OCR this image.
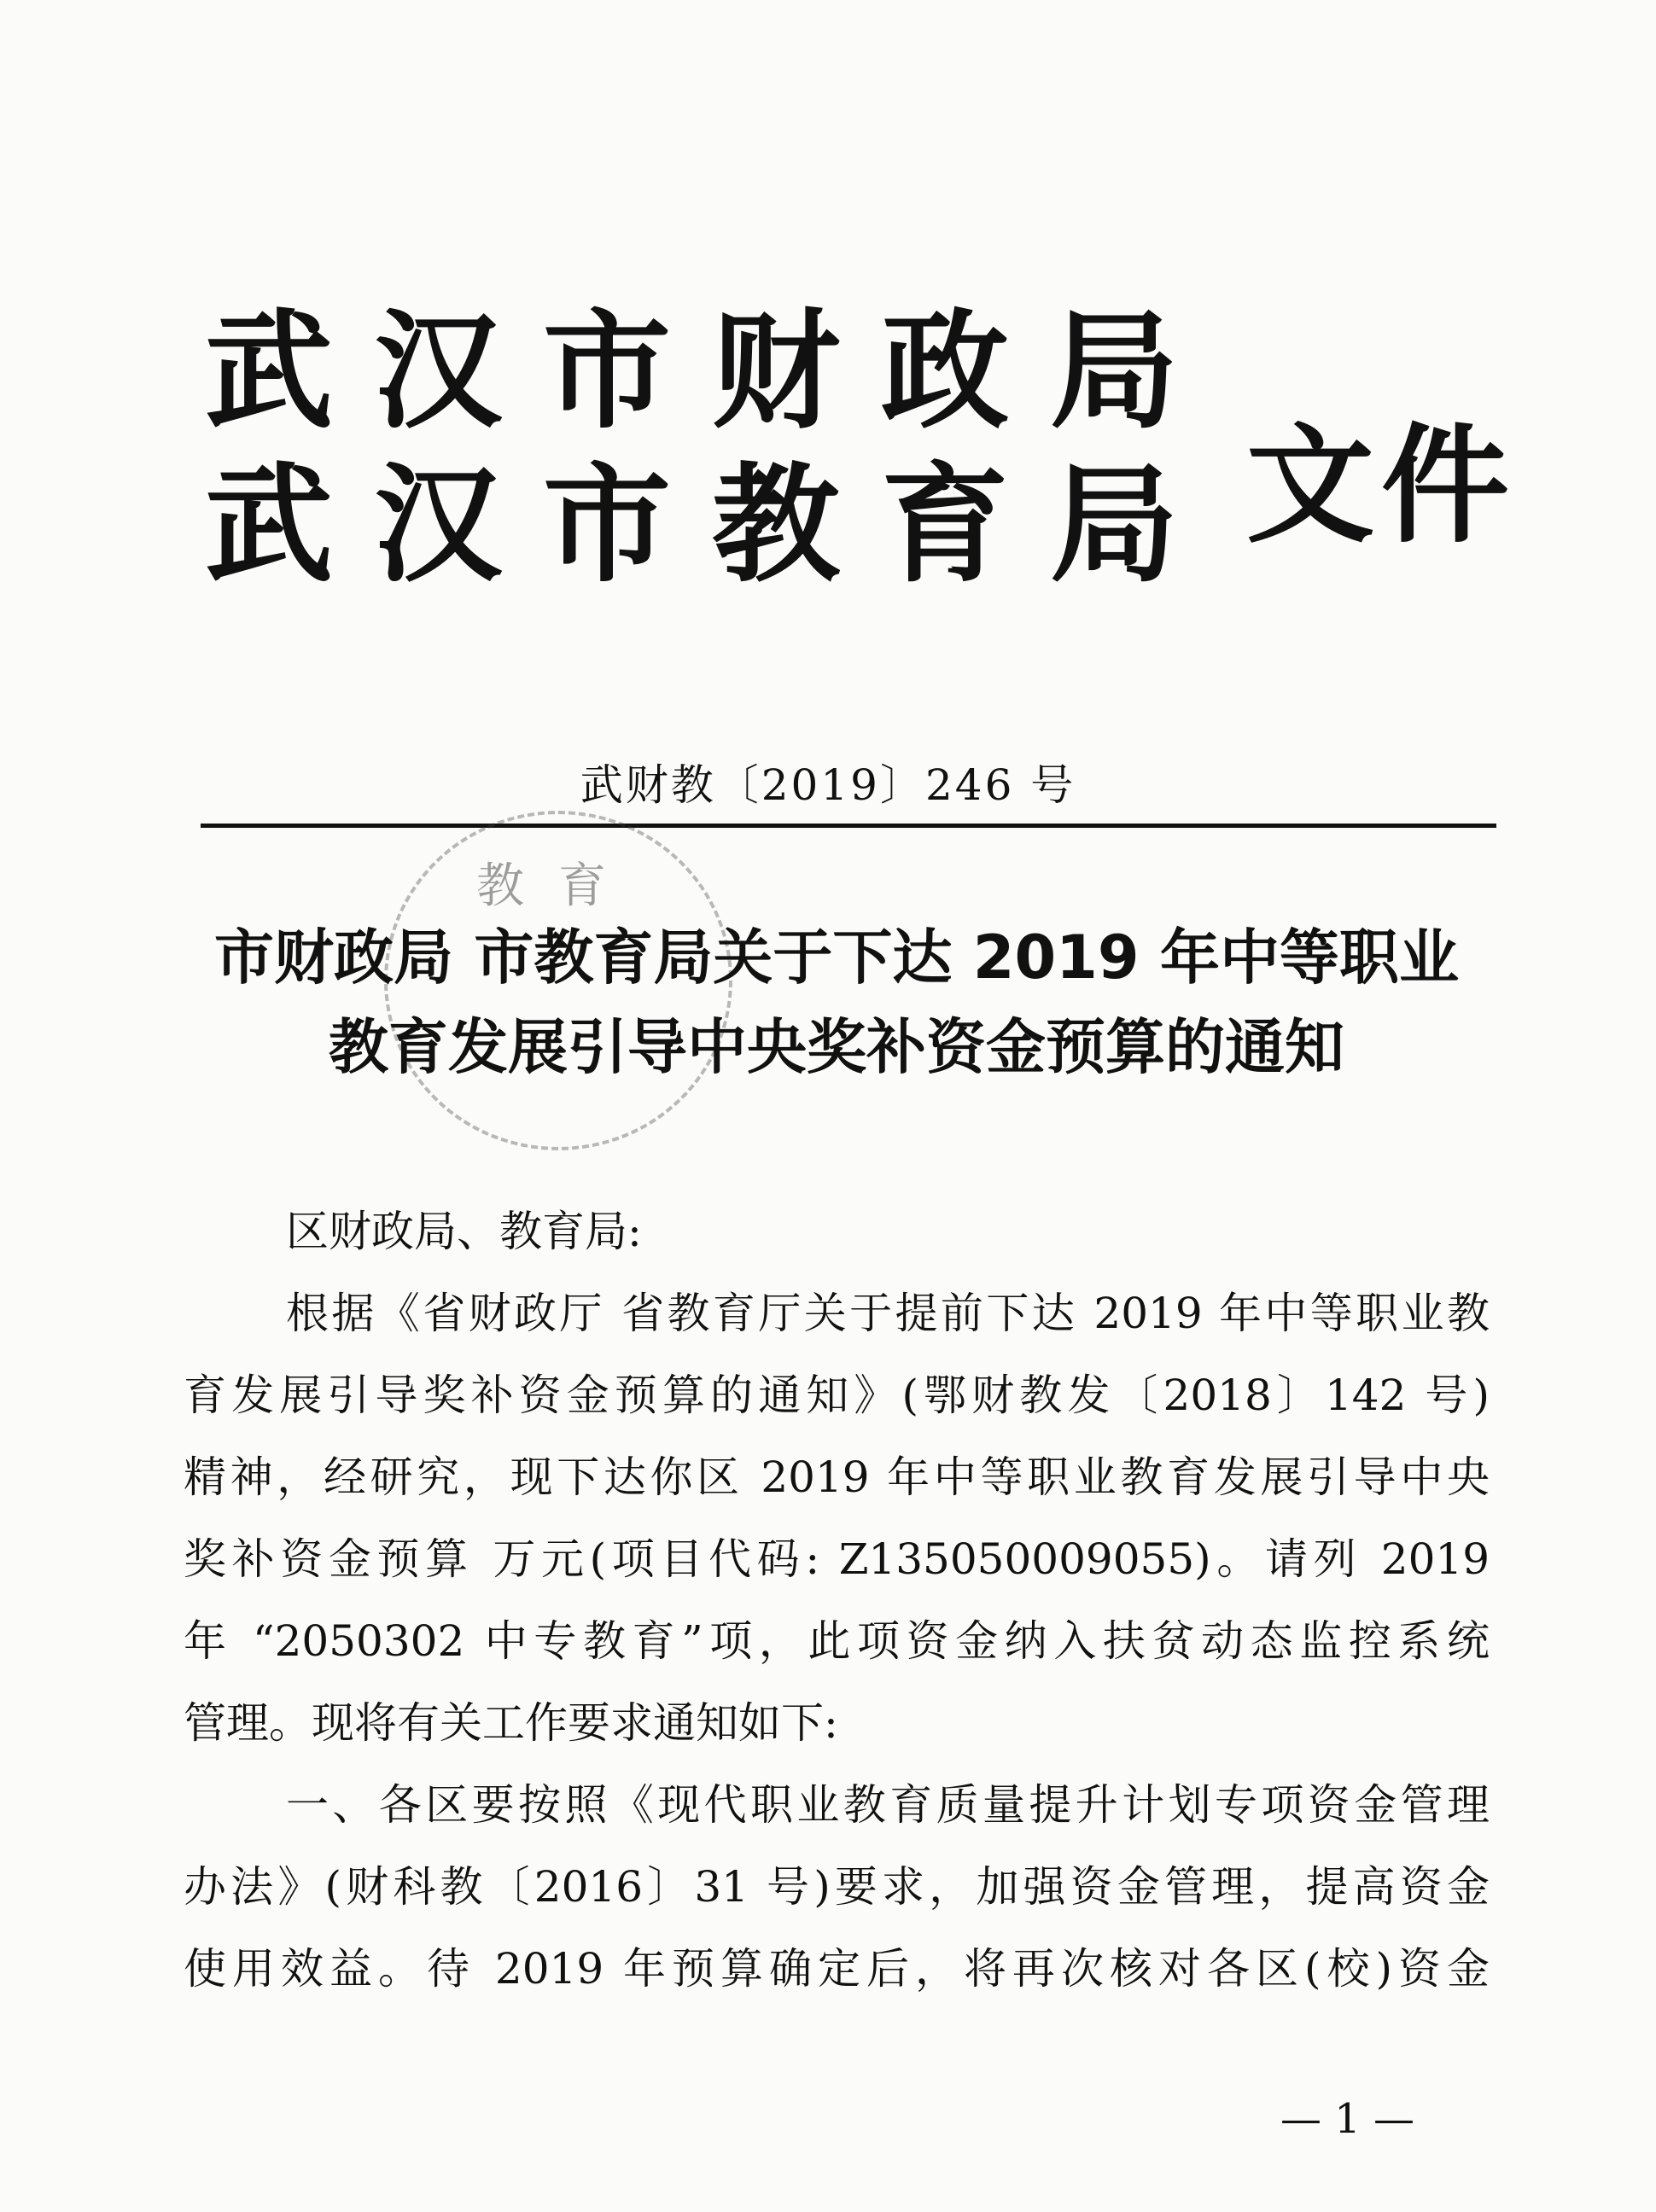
武汉市财政局
武汉市教育局 文件
武财教〔2019〕246 号
教育
市财政局 市教育局关于下达 2019 年中等职业
教育发展引导中央奖补资金预算的通知
区财政局、教育局:
根据《省财政厅 省教育厅关于提前下达 2019 年中等职业教
育发展引导奖补资金预算的通知》(鄂财教发〔2018〕142 号)
精神，经研究，现下达你区 2019 年中等职业教育发展引导中央
奖补资金预算 万元(项目代码: Z135050009055)。请列 2019
年 “2050302 中专教育”项，此项资金纳入扶贫动态监控系统
管理。现将有关工作要求通知如下:
一、各区要按照《现代职业教育质量提升计划专项资金管理
办法》(财科教〔2016〕31 号)要求，加强资金管理，提高资金
使用效益。待 2019 年预算确定后，将再次核对各区(校)资金
— 1 —
